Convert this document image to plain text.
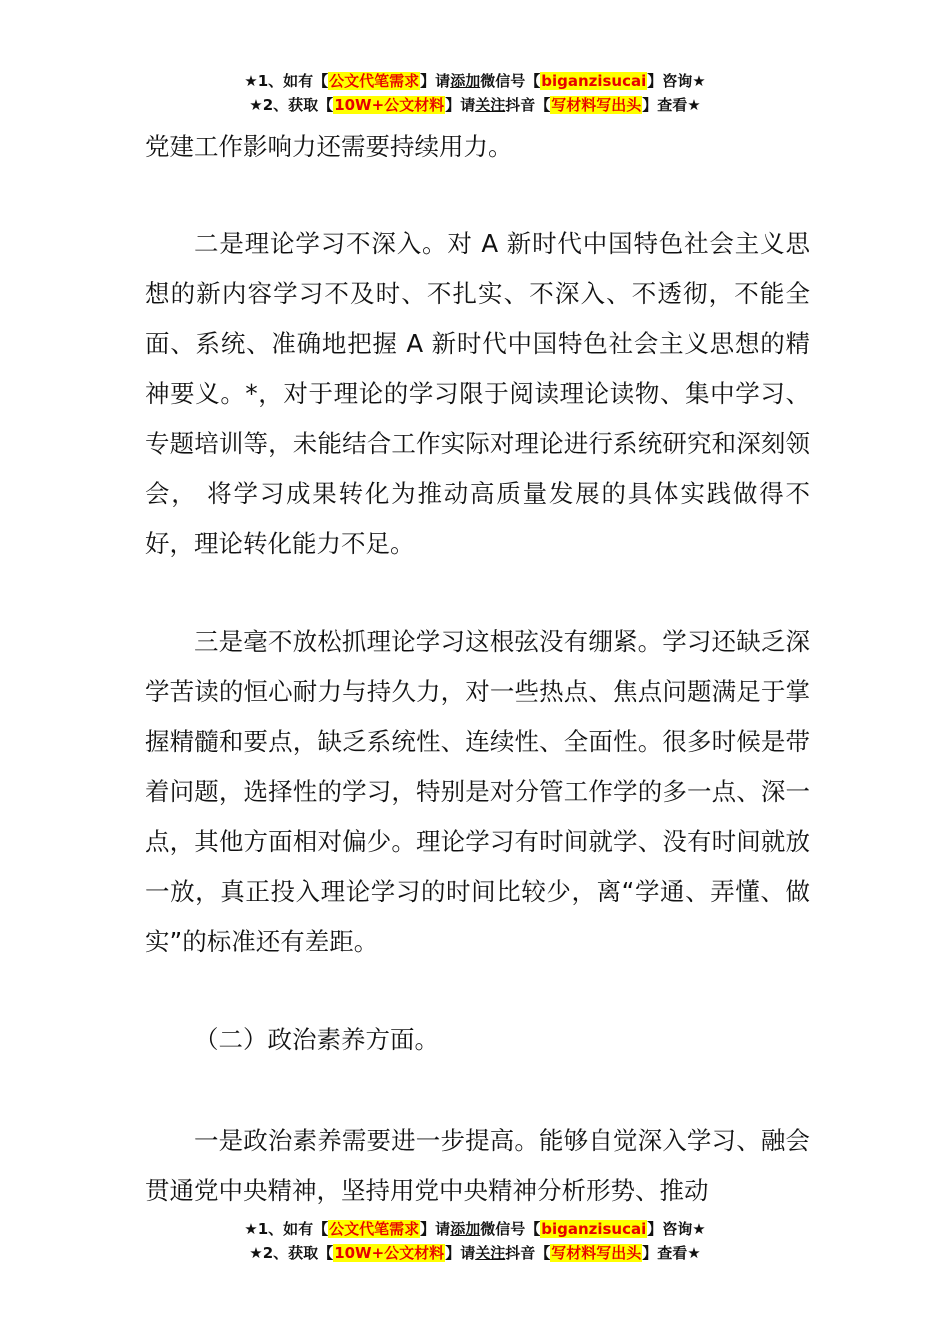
★1、如有【公文代笔需求】请添加微信号【biganzisucai】咨询★
★2、获取【10W+公文材料】请关注抖音【写材料写出头】查看★

党建工作影响力还需要持续用力。

二是理论学习不深入。对 A 新时代中国特色社会主义思想的新内容学习不及时、不扎实、不深入、不透彻，不能全面、系统、准确地把握 A 新时代中国特色社会主义思想的精神要义。*，对于理论的学习限于阅读理论读物、集中学习、专题培训等，未能结合工作实际对理论进行系统研究和深刻领会， 将学习成果转化为推动高质量发展的具体实践做得不好，理论转化能力不足。

三是毫不放松抓理论学习这根弦没有绷紧。学习还缺乏深学苦读的恒心耐力与持久力，对一些热点、焦点问题满足于掌握精髓和要点，缺乏系统性、连续性、全面性。很多时候是带着问题，选择性的学习，特别是对分管工作学的多一点、深一点，其他方面相对偏少。理论学习有时间就学、没有时间就放一放，真正投入理论学习的时间比较少，离“学通、弄懂、做实”的标准还有差距。

（二）政治素养方面。

一是政治素养需要进一步提高。能够自觉深入学习、融会贯通党中央精神，坚持用党中央精神分析形势、推动

★1、如有【公文代笔需求】请添加微信号【biganzisucai】咨询★
★2、获取【10W+公文材料】请关注抖音【写材料写出头】查看★
